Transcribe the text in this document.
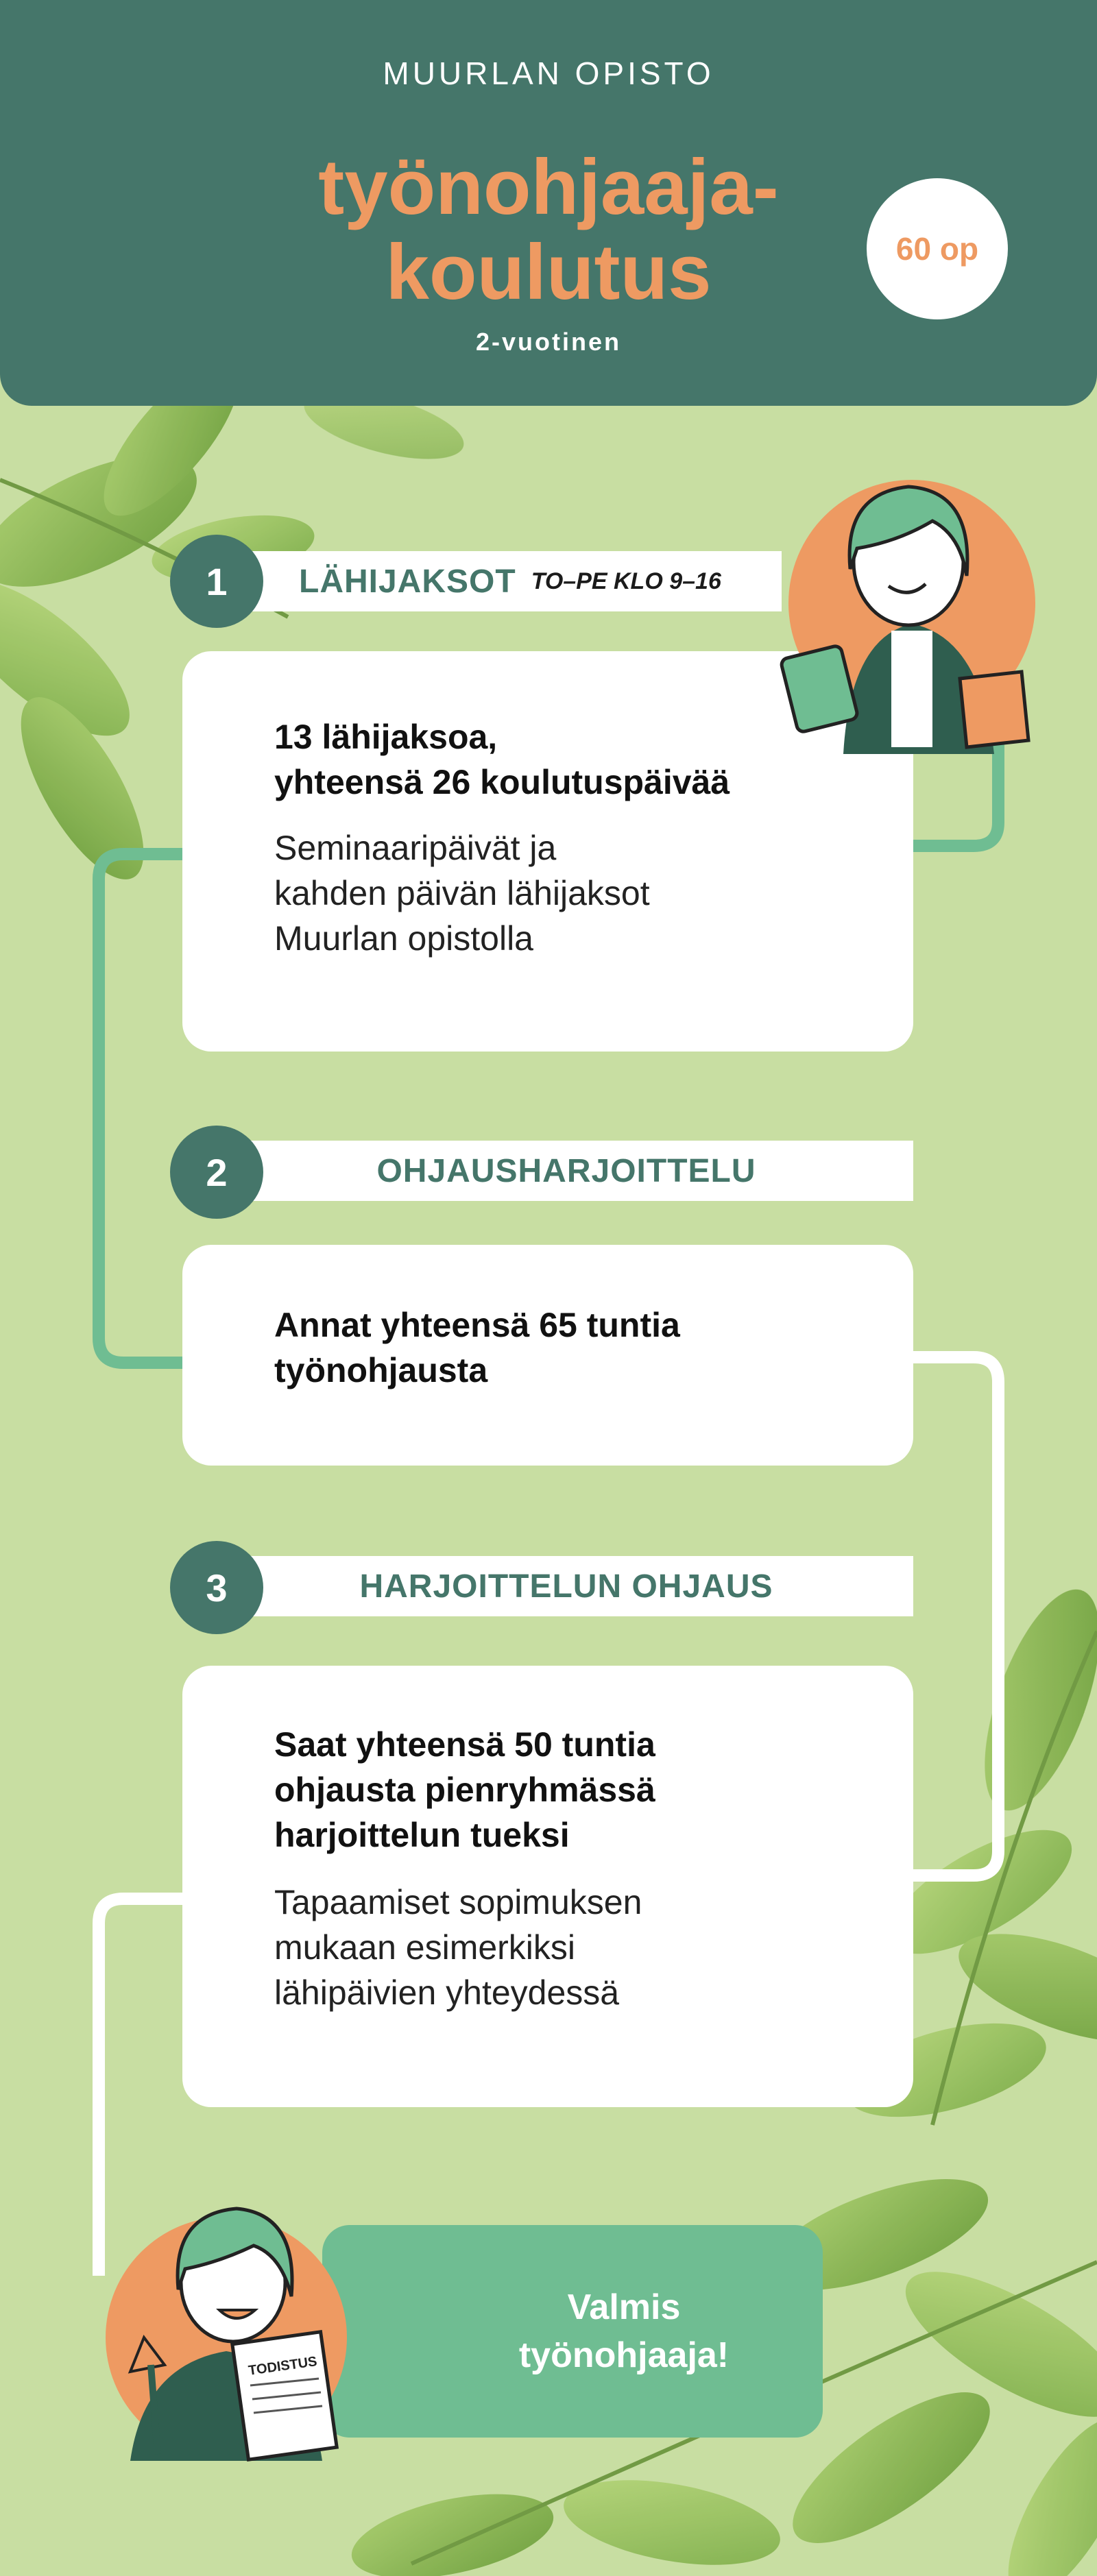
MUURLAN OPISTO
työnohjaaja-
koulutus
2-vuotinen
60 op
1	LÄHIJAKSOT TO–PE KLO 9–16
13 lähijaksoa,
yhteensä 26 koulutuspäivää
Seminaaripäivät ja
kahden päivän lähijaksot
Muurlan opistolla
2	OHJAUSHARJOITTELU
Annat yhteensä 65 tuntia
työnohjausta
3	HARJOITTELUN OHJAUS
Saat yhteensä 50 tuntia
ohjausta pienryhmässä
harjoittelun tueksi
Tapaamiset sopimuksen
mukaan esimerkiksi
lähipäivien yhteydessä
Valmis
työnohjaaja!
TODISTUS
